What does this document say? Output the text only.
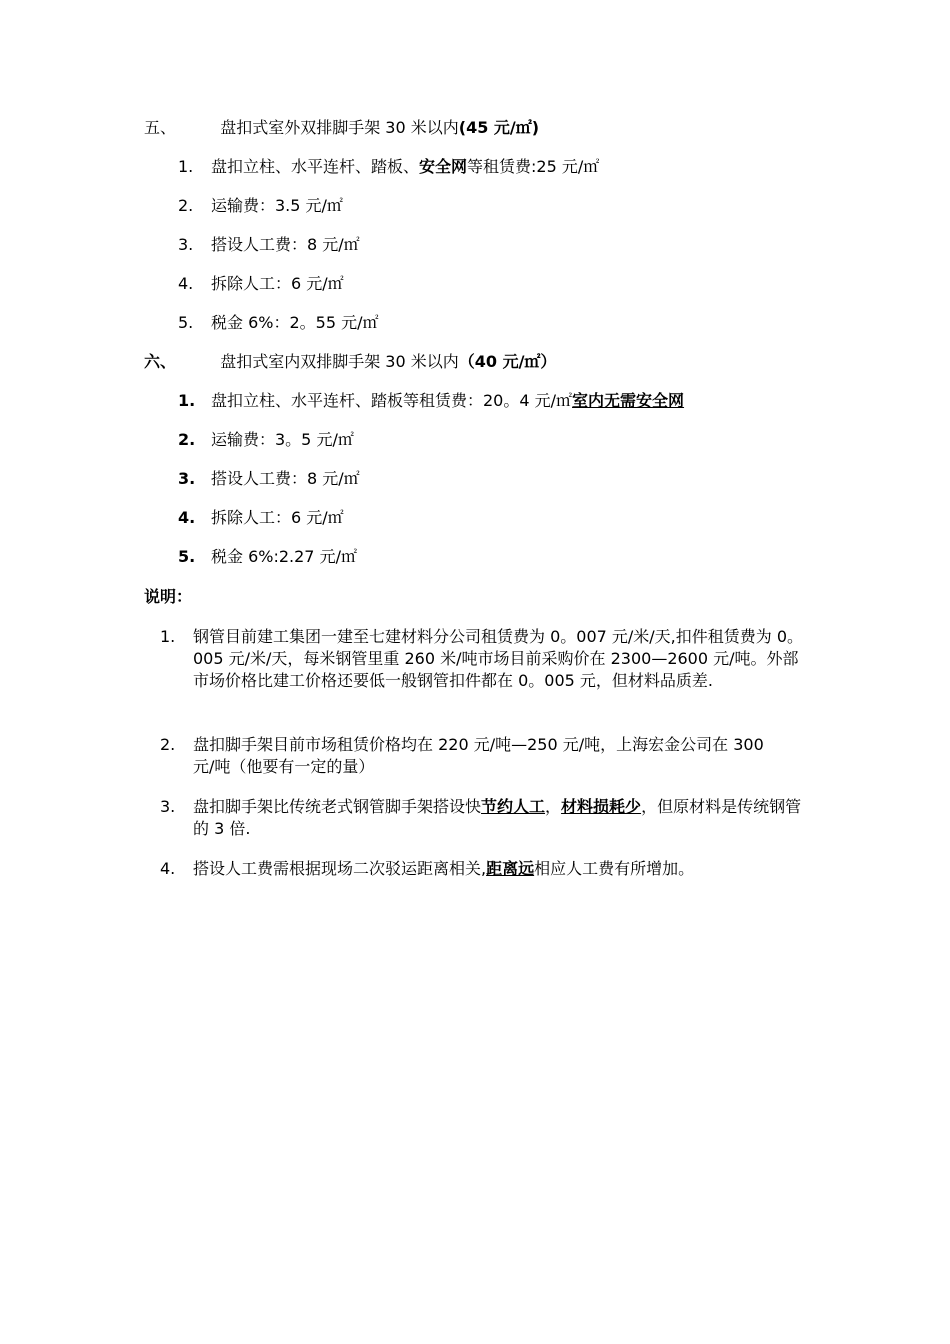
五、	盘扣式室外双排脚手架 30 米以内(45 元/㎡)
1. 盘扣立柱、水平连杆、踏板、安全网等租赁费:25 元/㎡
2. 运输费：3.5 元/㎡
3. 搭设人工费：8 元/㎡
4. 拆除人工：6 元/㎡
5. 税金 6%：2。55 元/㎡
六、	盘扣式室内双排脚手架 30 米以内（40 元/㎡）
1. 盘扣立柱、水平连杆、踏板等租赁费：20。4 元/㎡室内无需安全网
2. 运输费：3。5 元/㎡
3. 搭设人工费：8 元/㎡
4. 拆除人工：6 元/㎡
5. 税金 6%:2.27 元/㎡
说明：
1. 钢管目前建工集团一建至七建材料分公司租赁费为 0。007 元/米/天,扣件租赁费为 0。005 元/米/天，每米钢管里重 260 米/吨市场目前采购价在 2300—2600 元/吨。外部市场价格比建工价格还要低一般钢管扣件都在 0。005 元，但材料品质差.
2. 盘扣脚手架目前市场租赁价格均在 220 元/吨—250 元/吨，上海宏金公司在 300 元/吨（他要有一定的量）
3. 盘扣脚手架比传统老式钢管脚手架搭设快节约人工，材料损耗少，但原材料是传统钢管的 3 倍.
4. 搭设人工费需根据现场二次驳运距离相关,距离远相应人工费有所增加。
